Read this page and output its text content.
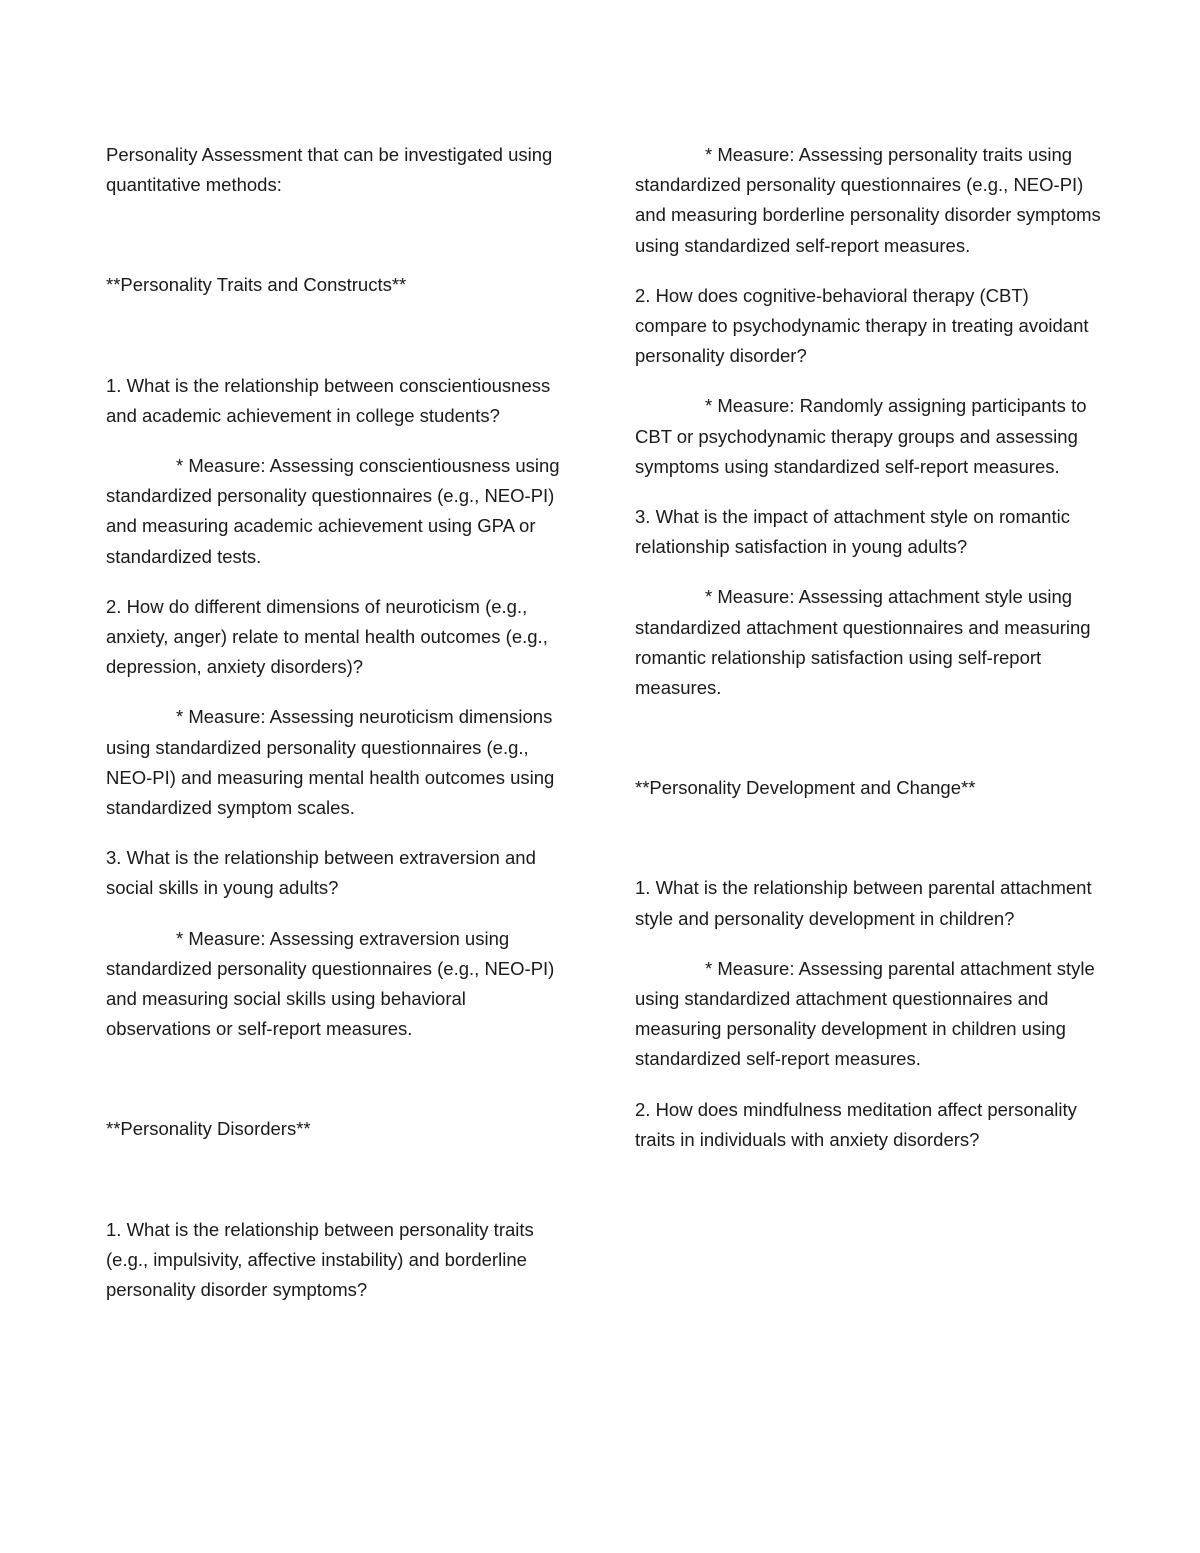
Personality Assessment that can be investigated using quantitative methods:

**Personality Traits and Constructs**

1. What is the relationship between conscientiousness and academic achievement in college students?

* Measure: Assessing conscientiousness using standardized personality questionnaires (e.g., NEO-PI) and measuring academic achievement using GPA or standardized tests.

2. How do different dimensions of neuroticism (e.g., anxiety, anger) relate to mental health outcomes (e.g., depression, anxiety disorders)?

* Measure: Assessing neuroticism dimensions using standardized personality questionnaires (e.g., NEO-PI) and measuring mental health outcomes using standardized symptom scales.

3. What is the relationship between extraversion and social skills in young adults?

* Measure: Assessing extraversion using standardized personality questionnaires (e.g., NEO-PI) and measuring social skills using behavioral observations or self-report measures.

**Personality Disorders**

1. What is the relationship between personality traits (e.g., impulsivity, affective instability) and borderline personality disorder symptoms?

* Measure: Assessing personality traits using standardized personality questionnaires (e.g., NEO-PI) and measuring borderline personality disorder symptoms using standardized self-report measures.

2. How does cognitive-behavioral therapy (CBT) compare to psychodynamic therapy in treating avoidant personality disorder?

* Measure: Randomly assigning participants to CBT or psychodynamic therapy groups and assessing symptoms using standardized self-report measures.

3. What is the impact of attachment style on romantic relationship satisfaction in young adults?

* Measure: Assessing attachment style using standardized attachment questionnaires and measuring romantic relationship satisfaction using self-report measures.

**Personality Development and Change**

1. What is the relationship between parental attachment style and personality development in children?

* Measure: Assessing parental attachment style using standardized attachment questionnaires and measuring personality development in children using standardized self-report measures.

2. How does mindfulness meditation affect personality traits in individuals with anxiety disorders?
